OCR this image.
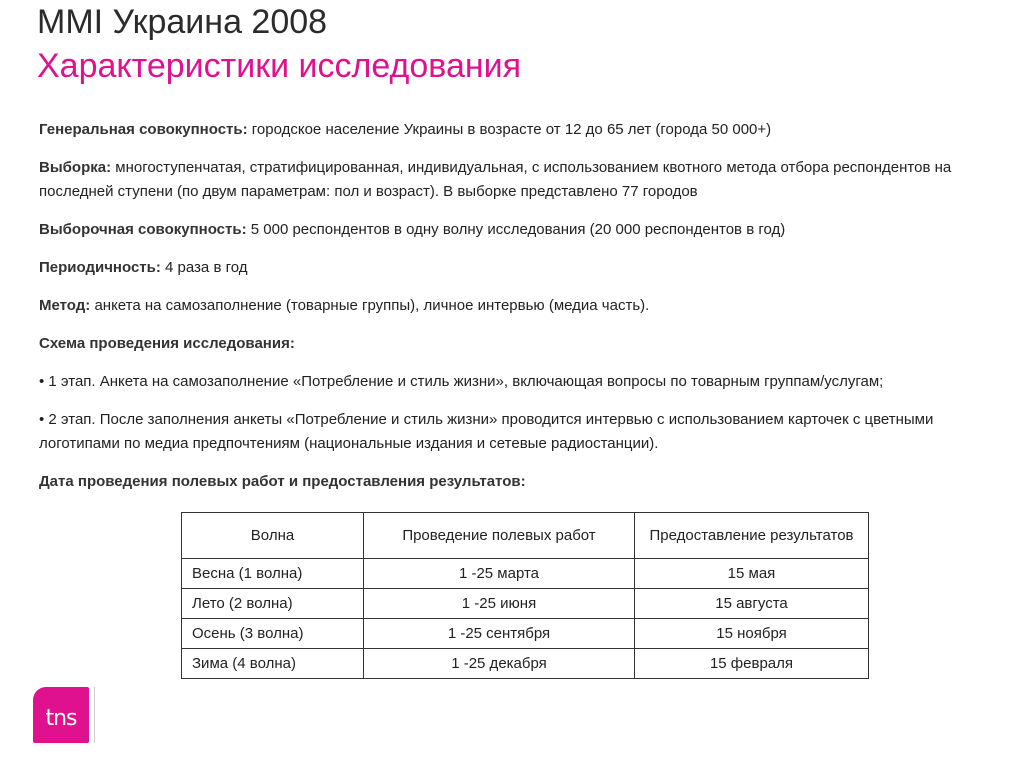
MMI Украина 2008
Характеристики исследования

Генеральная совокупность: городское население Украины в возрасте от 12 до 65 лет (города 50 000+)

Выборка: многоступенчатая, стратифицированная, индивидуальная, с использованием квотного метода отбора респондентов на последней ступени (по двум параметрам: пол и возраст). В выборке представлено 77 городов

Выборочная совокупность: 5 000 респондентов в одну волну исследования (20 000 респондентов в год)

Периодичность: 4 раза в год

Метод: анкета на самозаполнение (товарные группы), личное интервью (медиа часть).

Схема проведения исследования:

• 1 этап. Анкета на самозаполнение «Потребление и стиль жизни», включающая вопросы по товарным группам/услугам;

• 2 этап. После заполнения анкеты «Потребление и стиль жизни» проводится интервью с использованием карточек с цветными логотипами по медиа предпочтениям (национальные издания и сетевые радиостанции).

Дата проведения полевых работ и предоставления результатов:

Волна	Проведение полевых работ	Предоставление результатов
Весна (1 волна)	1 -25 марта	15 мая
Лето (2 волна)	1 -25 июня	15 августа
Осень (3 волна)	1 -25 сентября	15 ноября
Зима (4 волна)	1 -25 декабря	15 февраля
tns
